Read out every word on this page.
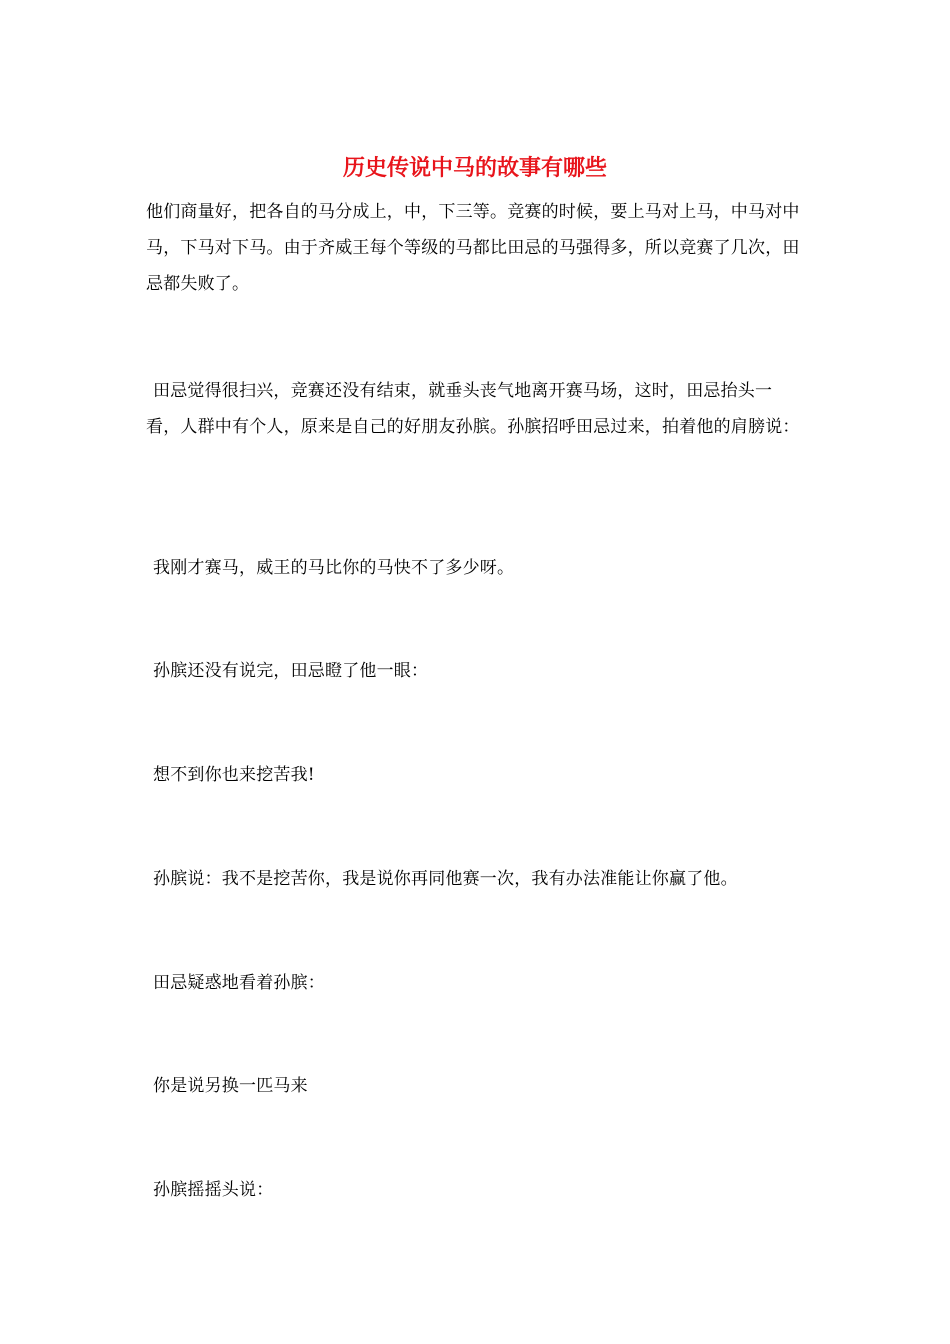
历史传说中马的故事有哪些

他们商量好，把各自的马分成上，中，下三等。竞赛的时候，要上马对上马，中马对中马，下马对下马。由于齐威王每个等级的马都比田忌的马强得多，所以竞赛了几次，田忌都失败了。

田忌觉得很扫兴，竞赛还没有结束，就垂头丧气地离开赛马场，这时，田忌抬头一看，人群中有个人，原来是自己的好朋友孙膑。孙膑招呼田忌过来，拍着他的肩膀说：

我刚才赛马，威王的马比你的马快不了多少呀。

孙膑还没有说完，田忌瞪了他一眼：

想不到你也来挖苦我!

孙膑说：我不是挖苦你，我是说你再同他赛一次，我有办法准能让你赢了他。

田忌疑惑地看着孙膑：

你是说另换一匹马来

孙膑摇摇头说：
